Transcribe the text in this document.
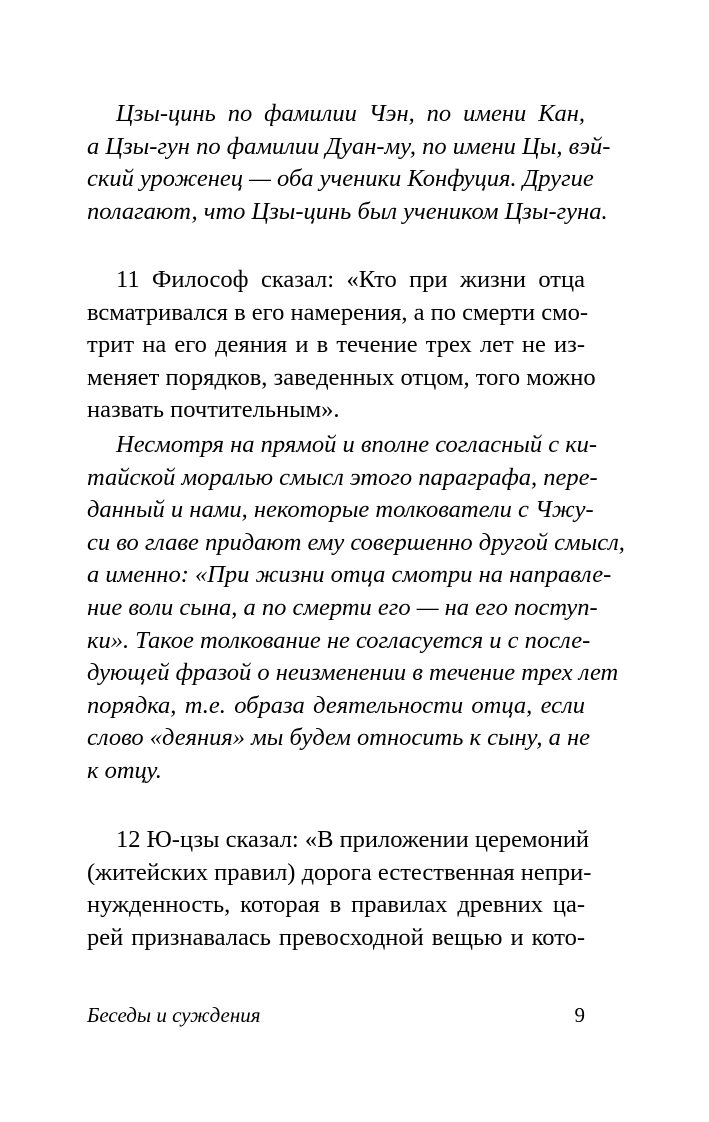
Цзы-цинь по фамилии Чэн, по имени Кан,
а Цзы-гун по фамилии Дуан-му, по имени Цы, вэй-
ский уроженец — оба ученики Конфуция. Другие
полагают, что Цзы-цинь был учеником Цзы-гуна.
11 Философ сказал: «Кто при жизни отца
всматривался в его намерения, а по смерти смо-
трит на его деяния и в течение трех лет не из-
меняет порядков, заведенных отцом, того можно
назвать почтительным».
Несмотря на прямой и вполне согласный с ки-
тайской моралью смысл этого параграфа, пере-
данный и нами, некоторые толкователи с Чжу-
си во главе придают ему совершенно другой смысл,
а именно: «При жизни отца смотри на направле-
ние воли сына, а по смерти его — на его поступ-
ки». Такое толкование не согласуется и с после-
дующей фразой о неизменении в течение трех лет
порядка, т.е. образа деятельности отца, если
слово «деяния» мы будем относить к сыну, а не
к отцу.
12 Ю-цзы сказал: «В приложении церемоний
(житейских правил) дорога естественная непри-
нужденность, которая в правилах древних ца-
рей признавалась превосходной вещью и кото-
Беседы и суждения	9
